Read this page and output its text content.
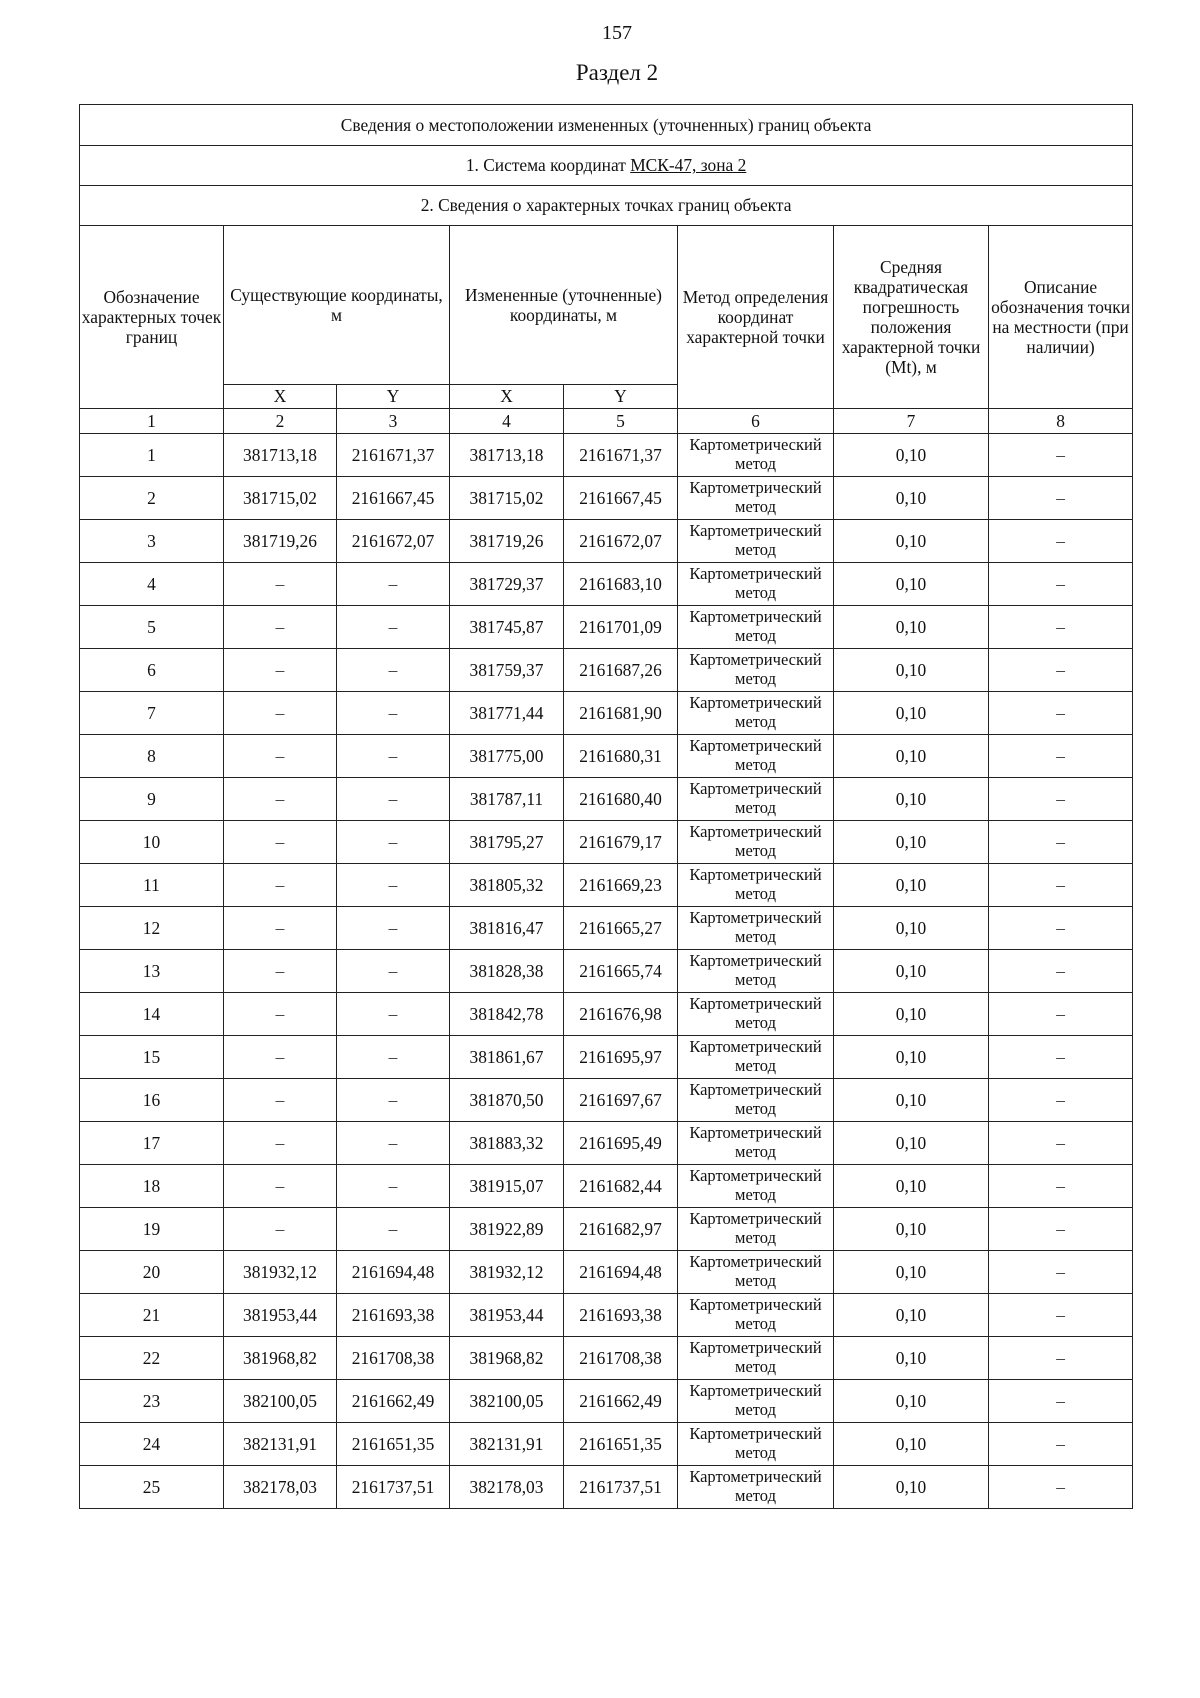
157
Раздел 2
Сведения о местоположении измененных (уточненных) границ объекта							
1. Система координат МСК-47, зона 2							
2. Сведения о характерных точках границ объекта							
Обозначение характерных точек границ	Существующие координаты, м		Измененные (уточненные) координаты, м		Метод определения координат характерной точки	Средняя квадратическая погрешность положения характерной точки (Мt), м	Описание обозначения точки на местности (при наличии)
	X	Y	X	Y			
1	2	3	4	5	6	7	8
1	381713,18	2161671,37	381713,18	2161671,37	Картометрический метод	0,10	–
2	381715,02	2161667,45	381715,02	2161667,45	Картометрический метод	0,10	–
3	381719,26	2161672,07	381719,26	2161672,07	Картометрический метод	0,10	–
4	–	–	381729,37	2161683,10	Картометрический метод	0,10	–
5	–	–	381745,87	2161701,09	Картометрический метод	0,10	–
6	–	–	381759,37	2161687,26	Картометрический метод	0,10	–
7	–	–	381771,44	2161681,90	Картометрический метод	0,10	–
8	–	–	381775,00	2161680,31	Картометрический метод	0,10	–
9	–	–	381787,11	2161680,40	Картометрический метод	0,10	–
10	–	–	381795,27	2161679,17	Картометрический метод	0,10	–
11	–	–	381805,32	2161669,23	Картометрический метод	0,10	–
12	–	–	381816,47	2161665,27	Картометрический метод	0,10	–
13	–	–	381828,38	2161665,74	Картометрический метод	0,10	–
14	–	–	381842,78	2161676,98	Картометрический метод	0,10	–
15	–	–	381861,67	2161695,97	Картометрический метод	0,10	–
16	–	–	381870,50	2161697,67	Картометрический метод	0,10	–
17	–	–	381883,32	2161695,49	Картометрический метод	0,10	–
18	–	–	381915,07	2161682,44	Картометрический метод	0,10	–
19	–	–	381922,89	2161682,97	Картометрический метод	0,10	–
20	381932,12	2161694,48	381932,12	2161694,48	Картометрический метод	0,10	–
21	381953,44	2161693,38	381953,44	2161693,38	Картометрический метод	0,10	–
22	381968,82	2161708,38	381968,82	2161708,38	Картометрический метод	0,10	–
23	382100,05	2161662,49	382100,05	2161662,49	Картометрический метод	0,10	–
24	382131,91	2161651,35	382131,91	2161651,35	Картометрический метод	0,10	–
25	382178,03	2161737,51	382178,03	2161737,51	Картометрический метод	0,10	–
